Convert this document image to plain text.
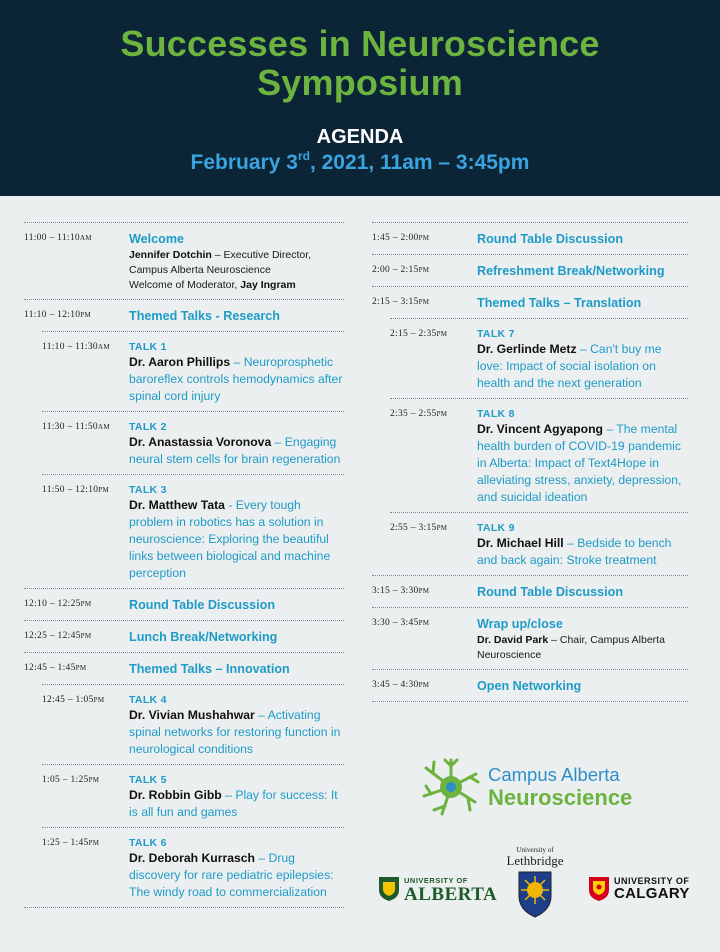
Successes in Neuroscience
Symposium
AGENDA
February 3rd, 2021, 11am – 3:45pm
11:00 – 11:10am	Welcome
Jennifer Dotchin – Executive Director, Campus Alberta Neuroscience
Welcome of Moderator, Jay Ingram
11:10 – 12:10pm	Themed Talks - Research
11:10 – 11:30am TALK 1
Dr. Aaron Phillips – Neuroprosphetic baroreflex controls hemodynamics after spinal cord injury
11:30 – 11:50am TALK 2
Dr. Anastassia Voronova – Engaging neural stem cells for brain regeneration
11:50 – 12:10pm TALK 3
Dr. Matthew Tata - Every tough problem in robotics has a solution in neuroscience: Exploring the beautiful links between biological and machine perception
12:10 – 12:25pm	Round Table Discussion
12:25 – 12:45pm	Lunch Break/Networking
12:45 – 1:45pm	Themed Talks – Innovation
12:45 – 1:05pm TALK 4
Dr. Vivian Mushahwar – Activating spinal networks for restoring function in neurological conditions
1:05 – 1:25pm	TALK 5
Dr. Robbin Gibb – Play for success: It is all fun and games
1:25 – 1:45pm	TALK 6
Dr. Deborah Kurrasch – Drug discovery for rare pediatric epilepsies: The windy road to commercialization
1:45 – 2:00pm	Round Table Discussion
2:00 – 2:15pm	Refreshment Break/Networking
2:15 – 3:15pm	Themed Talks – Translation
2:15 – 2:35pm	TALK 7
Dr. Gerlinde Metz – Can't buy me love: Impact of social isolation on health and the next generation
2:35 – 2:55pm	TALK 8
Dr. Vincent Agyapong – The mental health burden of COVID-19 pandemic in Alberta: Impact of Text4Hope in alleviating stress, anxiety, depression, and suicidal ideation
2:55 – 3:15pm	TALK 9
Dr. Michael Hill – Bedside to bench and back again: Stroke treatment
3:15 – 3:30pm	Round Table Discussion
3:30 – 3:45pm	Wrap up/close
Dr. David Park – Chair, Campus Alberta Neuroscience
3:45 – 4:30pm	Open Networking
Campus Alberta
Neuroscience
UNIVERSITY OF
ALBERTA
University of
Lethbridge
UNIVERSITY OF
CALGARY
